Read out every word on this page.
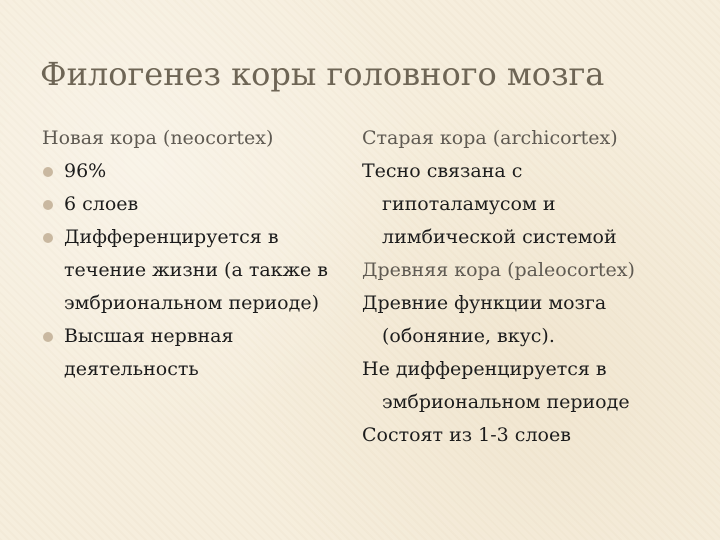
Филогенез коры головного мозга
Новая кора (neocortex)
96%
6 слоев
Дифференцируется в течение жизни (а также в эмбриональном периоде)
Высшая нервная деятельность
Старая кора (archicortex)
Тесно связана с
гипоталамусом и
лимбической системой
Древняя кора (paleocortex)
Древние функции мозга
(обоняние, вкус).
Не дифференцируется в
эмбриональном периоде
Состоят из 1-3 слоев
